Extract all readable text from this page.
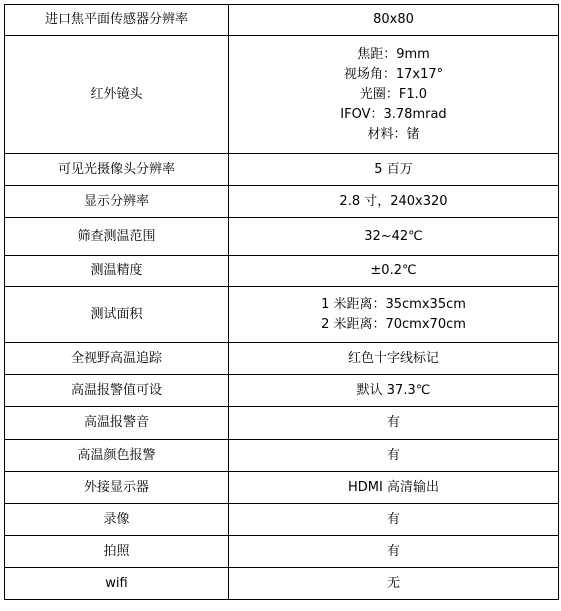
进口焦平面传感器分辨率	80x80

红外镜头	焦距：9mm
视场角：17x17°
光圈：F1.0
IFOV：3.78mrad
材料：锗

可见光摄像头分辨率	5 百万

显示分辨率	2.8 寸，240x320

筛查测温范围	32~42℃

测温精度	±0.2℃

测试面积	1 米距离：35cmx35cm
2 米距离：70cmx70cm

全视野高温追踪	红色十字线标记

高温报警值可设	默认 37.3℃

高温报警音	有

高温颜色报警	有

外接显示器	HDMI 高清输出

录像	有

拍照	有

wifi	无
